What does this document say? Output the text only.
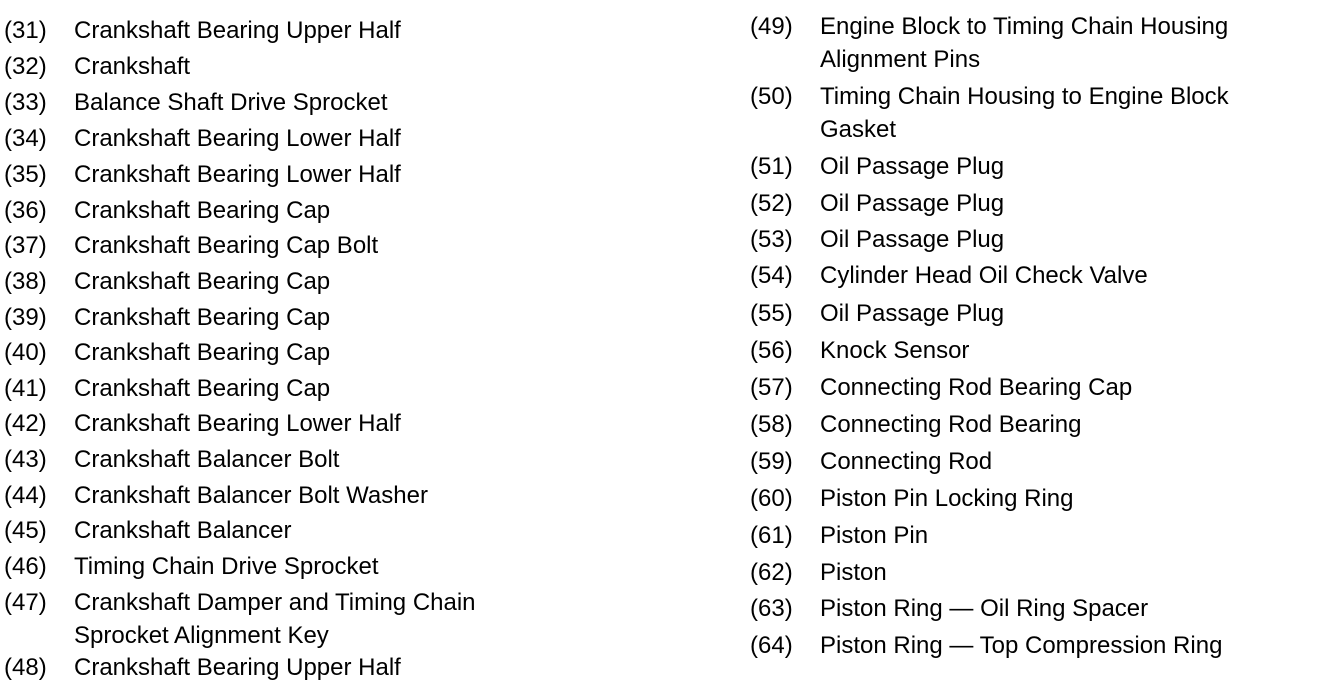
(31)	Crankshaft Bearing Upper Half
(32)	Crankshaft
(33)	Balance Shaft Drive Sprocket
(34)	Crankshaft Bearing Lower Half
(35)	Crankshaft Bearing Lower Half
(36)	Crankshaft Bearing Cap
(37)	Crankshaft Bearing Cap Bolt
(38)	Crankshaft Bearing Cap
(39)	Crankshaft Bearing Cap
(40)	Crankshaft Bearing Cap
(41)	Crankshaft Bearing Cap
(42)	Crankshaft Bearing Lower Half
(43)	Crankshaft Balancer Bolt
(44)	Crankshaft Balancer Bolt Washer
(45)	Crankshaft Balancer
(46)	Timing Chain Drive Sprocket
(47)	Crankshaft Damper and Timing Chain Sprocket Alignment Key
(48)	Crankshaft Bearing Upper Half
(49)	Engine Block to Timing Chain Housing Alignment Pins
(50)	Timing Chain Housing to Engine Block Gasket
(51)	Oil Passage Plug
(52)	Oil Passage Plug
(53)	Oil Passage Plug
(54)	Cylinder Head Oil Check Valve
(55)	Oil Passage Plug
(56)	Knock Sensor
(57)	Connecting Rod Bearing Cap
(58)	Connecting Rod Bearing
(59)	Connecting Rod
(60)	Piston Pin Locking Ring
(61)	Piston Pin
(62)	Piston
(63)	Piston Ring — Oil Ring Spacer
(64)	Piston Ring — Top Compression Ring
